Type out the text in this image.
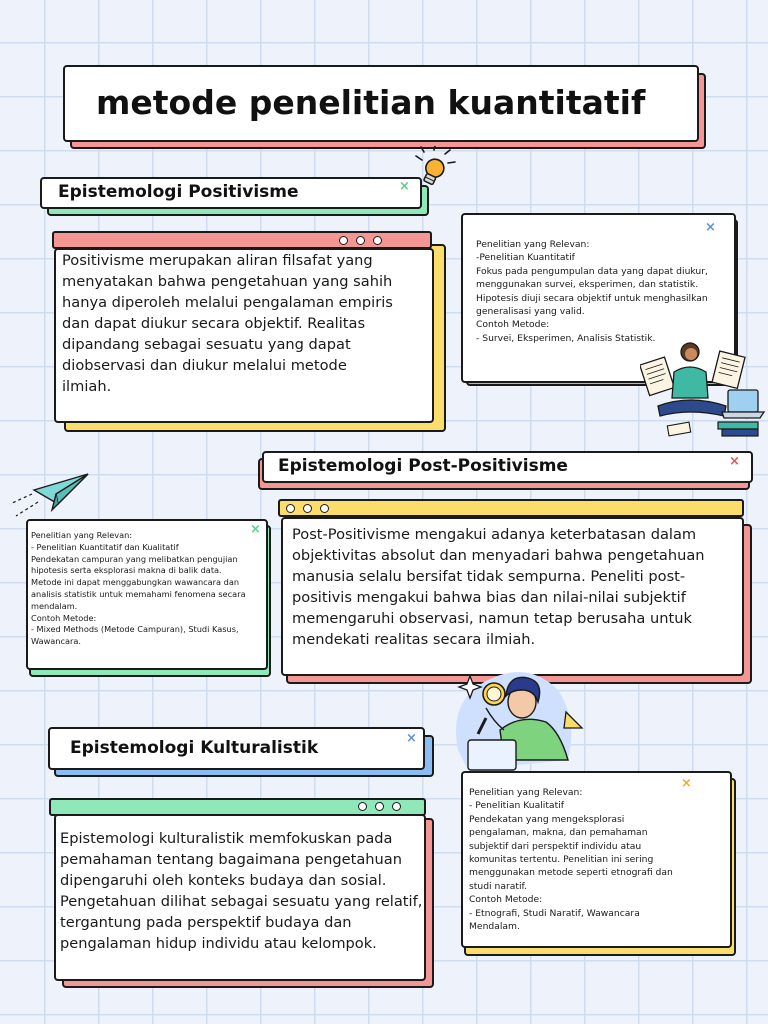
metode penelitian kuantitatif
Epistemologi Positivisme	×
Positivisme merupakan aliran filsafat yang
menyatakan bahwa pengetahuan yang sahih
hanya diperoleh melalui pengalaman empiris
dan dapat diukur secara objektif. Realitas
dipandang sebagai sesuatu yang dapat
diobservasi dan diukur melalui metode
ilmiah.
×
Penelitian yang Relevan:
-Penelitian Kuantitatif
Fokus pada pengumpulan data yang dapat diukur,
menggunakan survei, eksperimen, dan statistik.
Hipotesis diuji secara objektif untuk menghasilkan
generalisasi yang valid.
Contoh Metode:
- Survei, Eksperimen, Analisis Statistik.
Epistemologi Post-Positivisme	×
Post-Positivisme mengakui adanya keterbatasan dalam
objektivitas absolut dan menyadari bahwa pengetahuan
manusia selalu bersifat tidak sempurna. Peneliti post-
positivis mengakui bahwa bias dan nilai-nilai subjektif
memengaruhi observasi, namun tetap berusaha untuk
mendekati realitas secara ilmiah.
×
Penelitian yang Relevan:
- Penelitian Kuantitatif dan Kualitatif
Pendekatan campuran yang melibatkan pengujian
hipotesis serta eksplorasi makna di balik data.
Metode ini dapat menggabungkan wawancara dan
analisis statistik untuk memahami fenomena secara
mendalam.
Contoh Metode:
- Mixed Methods (Metode Campuran), Studi Kasus,
Wawancara.
Epistemologi Kulturalistik	×
Epistemologi kulturalistik memfokuskan pada
pemahaman tentang bagaimana pengetahuan
dipengaruhi oleh konteks budaya dan sosial.
Pengetahuan dilihat sebagai sesuatu yang relatif,
tergantung pada perspektif budaya dan
pengalaman hidup individu atau kelompok.
×
Penelitian yang Relevan:
- Penelitian Kualitatif
Pendekatan yang mengeksplorasi
pengalaman, makna, dan pemahaman
subjektif dari perspektif individu atau
komunitas tertentu. Penelitian ini sering
menggunakan metode seperti etnografi dan
studi naratif.
Contoh Metode:
- Etnografi, Studi Naratif, Wawancara
Mendalam.
